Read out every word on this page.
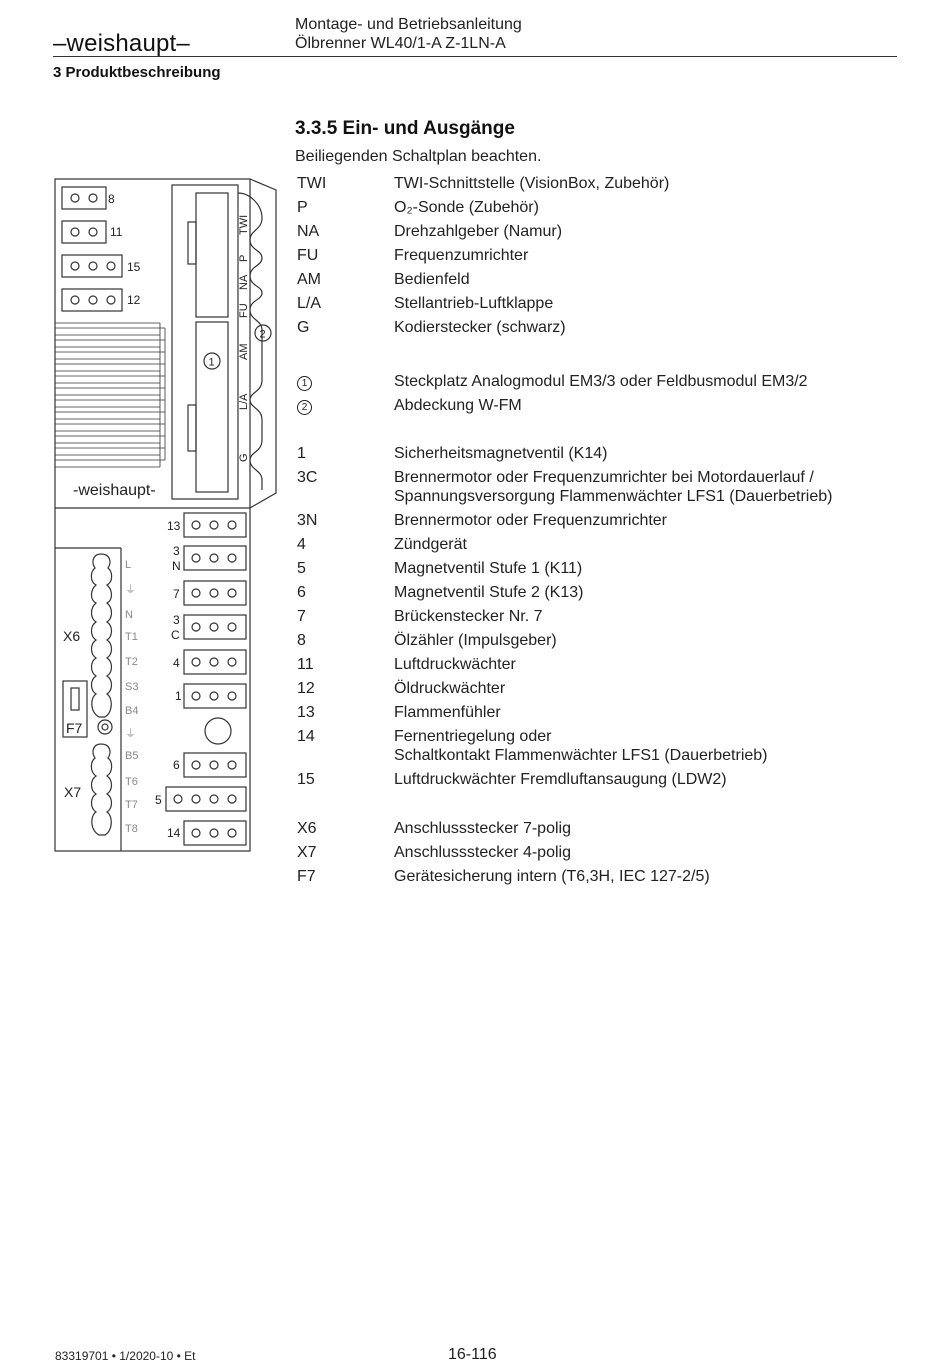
–weishaupt–
Montage- und Betriebsanleitung
Ölbrenner WL40/1-A Z-1LN-A
3 Produktbeschreibung
3.3.5 Ein- und Ausgänge
Beiliegenden Schaltplan beachten.
TWI	TWI-Schnittstelle (VisionBox, Zubehör)
P	O₂-Sonde (Zubehör)
NA	Drehzahlgeber (Namur)
FU	Frequenzumrichter
AM	Bedienfeld
L/A	Stellantrieb-Luftklappe
G	Kodierstecker (schwarz)
1	Steckplatz Analogmodul EM3/3 oder Feldbusmodul EM3/2
2	Abdeckung W-FM
1	Sicherheitsmagnetventil (K14)
3C	Brennermotor oder Frequenzumrichter bei Motordauerlauf /
Spannungsversorgung Flammenwächter LFS1 (Dauerbetrieb)
3N	Brennermotor oder Frequenzumrichter
4	Zündgerät
5	Magnetventil Stufe 1 (K11)
6	Magnetventil Stufe 2 (K13)
7	Brückenstecker Nr. 7
8	Ölzähler (Impulsgeber)
11	Luftdruckwächter
12	Öldruckwächter
13	Flammenfühler
14	Fernentriegelung oder
Schaltkontakt Flammenwächter LFS1 (Dauerbetrieb)
15	Luftdruckwächter Fremdluftansaugung (LDW2)
X6	Anschlussstecker 7-polig
X7	Anschlussstecker 4-polig
F7	Gerätesicherung intern (T6,3H, IEC 127-2/5)
8
11
15
12
-weishaupt-
1
2
TWI
P
NA
FU
AM
L/A
G
13
3
N
7
3
C
4
1
6
5
14
X6
L
⏚
N
T1
T2
S3
B4
F7
X7
⏚
B5
T6
T7
T8
83319701 • 1/2020-10 • Et	16-116
